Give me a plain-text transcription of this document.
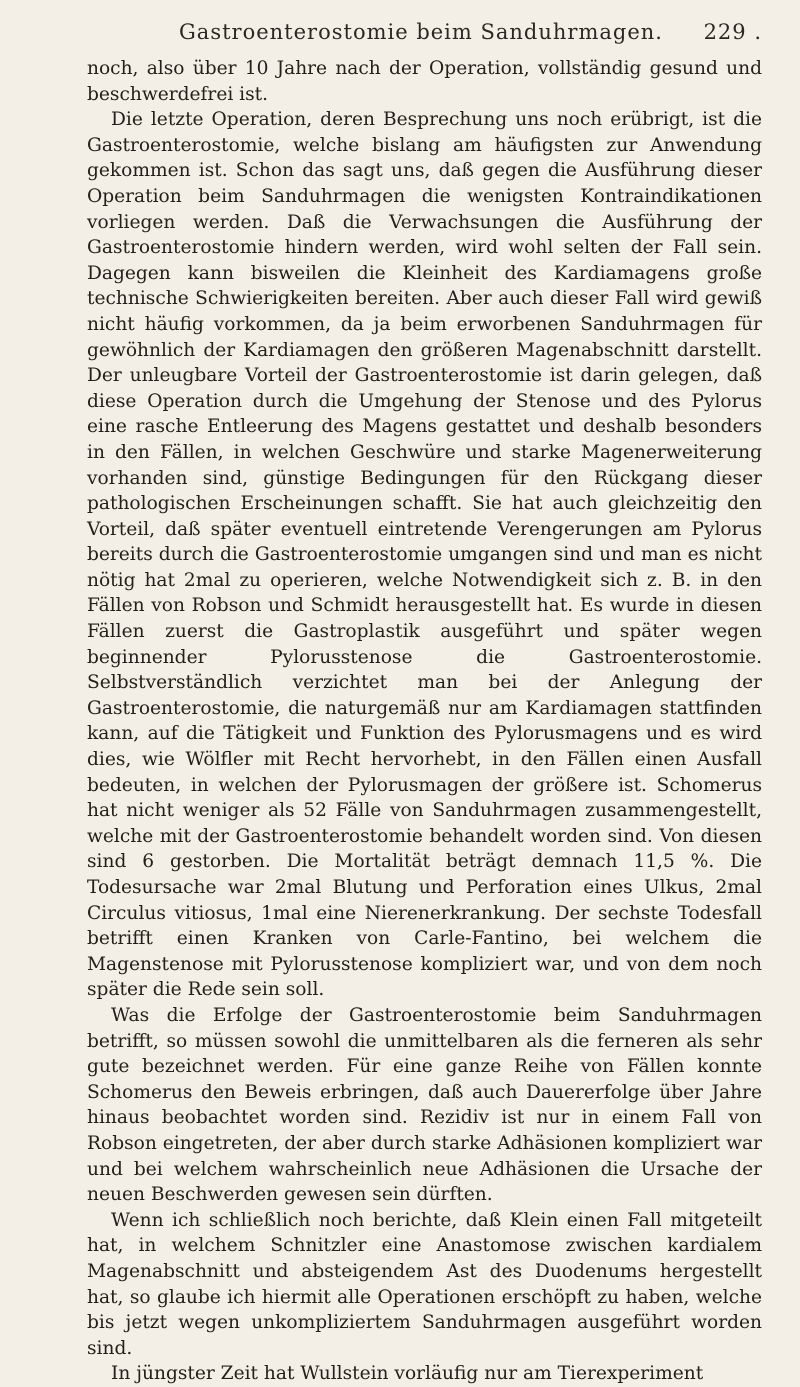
Gastroenterostomie beim Sanduhrmagen.	229 .

noch, also über 10 Jahre nach der Operation, vollständig gesund und beschwerdefrei ist.

Die letzte Operation, deren Besprechung uns noch erübrigt, ist die Gastroenterostomie, welche bislang am häufigsten zur Anwendung gekommen ist. Schon das sagt uns, daß gegen die Ausführung dieser Operation beim Sanduhrmagen die wenigsten Kontraindikationen vorliegen werden. Daß die Verwachsungen die Ausführung der Gastroenterostomie hindern werden, wird wohl selten der Fall sein. Dagegen kann bisweilen die Kleinheit des Kardiamagens große technische Schwierigkeiten bereiten. Aber auch dieser Fall wird gewiß nicht häufig vorkommen, da ja beim erworbenen Sanduhrmagen für gewöhnlich der Kardiamagen den größeren Magenabschnitt darstellt. Der unleugbare Vorteil der Gastroenterostomie ist darin gelegen, daß diese Operation durch die Umgehung der Stenose und des Pylorus eine rasche Entleerung des Magens gestattet und deshalb besonders in den Fällen, in welchen Geschwüre und starke Magenerweiterung vorhanden sind, günstige Bedingungen für den Rückgang dieser pathologischen Erscheinungen schafft. Sie hat auch gleichzeitig den Vorteil, daß später eventuell eintretende Verengerungen am Pylorus bereits durch die Gastroenterostomie umgangen sind und man es nicht nötig hat 2mal zu operieren, welche Notwendigkeit sich z. B. in den Fällen von Robson und Schmidt herausgestellt hat. Es wurde in diesen Fällen zuerst die Gastroplastik ausgeführt und später wegen beginnender Pylorusstenose die Gastroenterostomie. Selbstverständlich verzichtet man bei der Anlegung der Gastroenterostomie, die naturgemäß nur am Kardiamagen stattfinden kann, auf die Tätigkeit und Funktion des Pylorusmagens und es wird dies, wie Wölfler mit Recht hervorhebt, in den Fällen einen Ausfall bedeuten, in welchen der Pylorusmagen der größere ist. Schomerus hat nicht weniger als 52 Fälle von Sanduhrmagen zusammengestellt, welche mit der Gastroenterostomie behandelt worden sind. Von diesen sind 6 gestorben. Die Mortalität beträgt demnach 11,5 %. Die Todesursache war 2mal Blutung und Perforation eines Ulkus, 2mal Circulus vitiosus, 1mal eine Nierenerkrankung. Der sechste Todesfall betrifft einen Kranken von Carle-Fantino, bei welchem die Magenstenose mit Pylorusstenose kompliziert war, und von dem noch später die Rede sein soll.

Was die Erfolge der Gastroenterostomie beim Sanduhrmagen betrifft, so müssen sowohl die unmittelbaren als die ferneren als sehr gute bezeichnet werden. Für eine ganze Reihe von Fällen konnte Schomerus den Beweis erbringen, daß auch Dauererfolge über Jahre hinaus beobachtet worden sind. Rezidiv ist nur in einem Fall von Robson eingetreten, der aber durch starke Adhäsionen kompliziert war und bei welchem wahrscheinlich neue Adhäsionen die Ursache der neuen Beschwerden gewesen sein dürften.

Wenn ich schließlich noch berichte, daß Klein einen Fall mitgeteilt hat, in welchem Schnitzler eine Anastomose zwischen kardialem Magenabschnitt und absteigendem Ast des Duodenums hergestellt hat, so glaube ich hiermit alle Operationen erschöpft zu haben, welche bis jetzt wegen unkompliziertem Sanduhrmagen ausgeführt worden sind.

In jüngster Zeit hat Wullstein vorläufig nur am Tierexperiment
